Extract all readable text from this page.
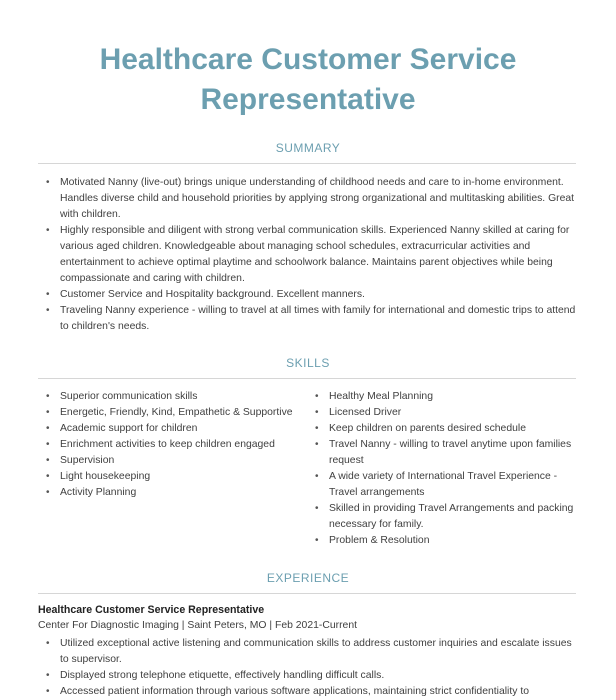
Healthcare Customer Service Representative
SUMMARY
• Motivated Nanny (live-out) brings unique understanding of childhood needs and care to in-home environment. Handles diverse child and household priorities by applying strong organizational and multitasking abilities. Great with children.
• Highly responsible and diligent with strong verbal communication skills. Experienced Nanny skilled at caring for various aged children. Knowledgeable about managing school schedules, extracurricular activities and entertainment to achieve optimal playtime and schoolwork balance. Maintains parent objectives while being compassionate and caring with children.
• Customer Service and Hospitality background. Excellent manners.
• Traveling Nanny experience - willing to travel at all times with family for international and domestic trips to attend to children's needs.
SKILLS
• Superior communication skills
• Energetic, Friendly, Kind, Empathetic & Supportive
• Academic support for children
• Enrichment activities to keep children engaged
• Supervision
• Light housekeeping
• Activity Planning
• Healthy Meal Planning
• Licensed Driver
• Keep children on parents desired schedule
• Travel Nanny - willing to travel anytime upon families request
• A wide variety of International Travel Experience - Travel arrangements
• Skilled in providing Travel Arrangements and packing necessary for family.
• Problem & Resolution
EXPERIENCE
Healthcare Customer Service Representative
Center For Diagnostic Imaging | Saint Peters, MO | Feb 2021-Current
• Utilized exceptional active listening and communication skills to address customer inquiries and escalate issues to supervisor.
• Displayed strong telephone etiquette, effectively handling difficult calls.
• Accessed patient information through various software applications, maintaining strict confidentiality to
